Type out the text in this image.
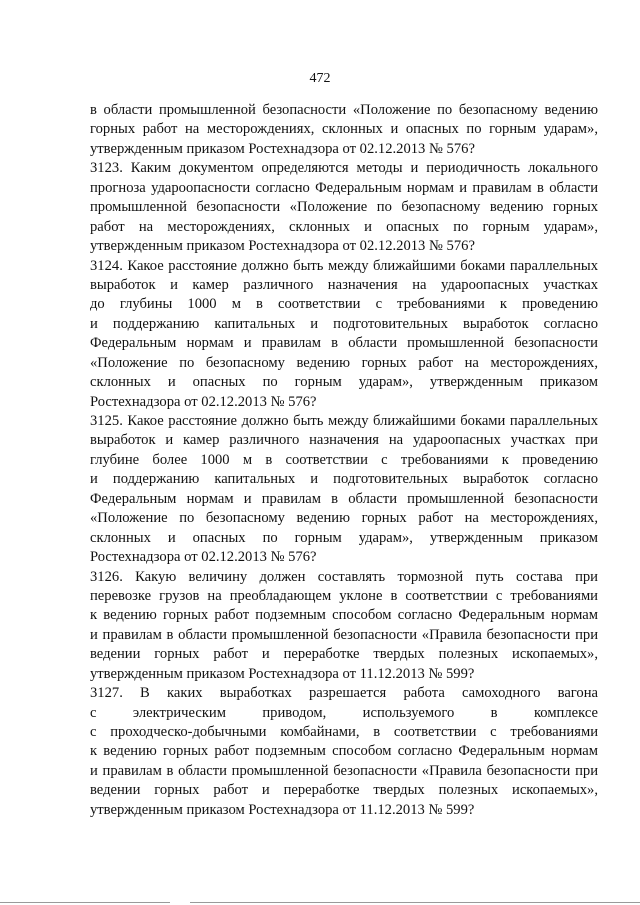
472
в области промышленной безопасности «Положение по безопасному ведению
горных работ на месторождениях, склонных и опасных по горным ударам»,
утвержденным приказом Ростехнадзора от 02.12.2013 № 576?
3123. Каким документом определяются методы и периодичность локального
прогноза удароопасности согласно Федеральным нормам и правилам в области
промышленной безопасности «Положение по безопасному ведению горных
работ на месторождениях, склонных и опасных по горным ударам»,
утвержденным приказом Ростехнадзора от 02.12.2013 № 576?
3124. Какое расстояние должно быть между ближайшими боками параллельных
выработок и камер различного назначения на удароопасных участках
до глубины 1000 м в соответствии с требованиями к проведению
и поддержанию капитальных и подготовительных выработок согласно
Федеральным нормам и правилам в области промышленной безопасности
«Положение по безопасному ведению горных работ на месторождениях,
склонных и опасных по горным ударам», утвержденным приказом
Ростехнадзора от 02.12.2013 № 576?
3125. Какое расстояние должно быть между ближайшими боками параллельных
выработок и камер различного назначения на удароопасных участках при
глубине более 1000 м в соответствии с требованиями к проведению
и поддержанию капитальных и подготовительных выработок согласно
Федеральным нормам и правилам в области промышленной безопасности
«Положение по безопасному ведению горных работ на месторождениях,
склонных и опасных по горным ударам», утвержденным приказом
Ростехнадзора от 02.12.2013 № 576?
3126. Какую величину должен составлять тормозной путь состава при
перевозке грузов на преобладающем уклоне в соответствии с требованиями
к ведению горных работ подземным способом согласно Федеральным нормам
и правилам в области промышленной безопасности «Правила безопасности при
ведении горных работ и переработке твердых полезных ископаемых»,
утвержденным приказом Ростехнадзора от 11.12.2013 № 599?
3127. В каких выработках разрешается работа самоходного вагона
с электрическим приводом, используемого в комплексе
с проходческо-добычными комбайнами, в соответствии с требованиями
к ведению горных работ подземным способом согласно Федеральным нормам
и правилам в области промышленной безопасности «Правила безопасности при
ведении горных работ и переработке твердых полезных ископаемых»,
утвержденным приказом Ростехнадзора от 11.12.2013 № 599?
